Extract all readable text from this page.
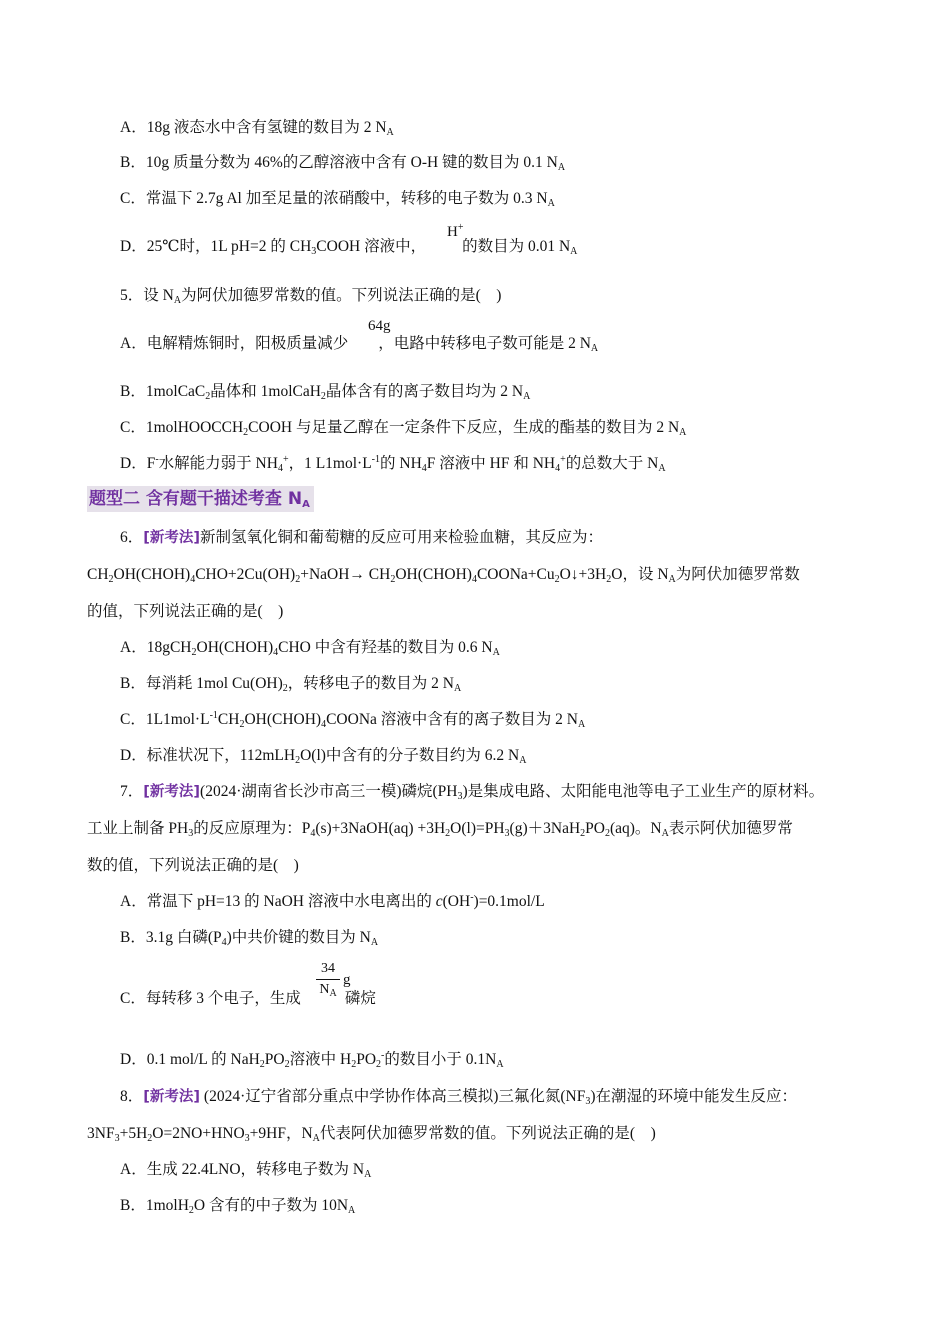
A．18g 液态水中含有氢键的数目为 2 $N_A$
B．10g 质量分数为 46%的乙醇溶液中含有 O-H 键的数目为 0.1 $N_A$
C．常温下 2.7g Al 加至足量的浓硝酸中，转移的电子数为 0.3 $N_A$
D．25℃时，1L pH=2 的 $CH_3COOH$ 溶液中， 的数目为 0.01 $N_A$
H+
5．设 $N_A$为阿伏加德罗常数的值。下列说法正确的是(　)
A．电解精炼铜时，阳极质量减少 ，电路中转移电子数可能是 2 $N_A$
64g
B．1molCaC$_2$晶体和 1molCaH$_2$晶体含有的离子数目均为 2 $N_A$
C．1molHOOCCH$_2$COOH 与足量乙醇在一定条件下反应，生成的酯基的数目为 2 $N_A$
D．F-水解能力弱于 $NH_4^+$，1 $L1mol\cdot L^{-1}$的 $NH_4F$ 溶液中 HF 和 $NH_4^+$的总数大于 $N_A$
题型二 含有题干描述考查 $N_A$
6．[新考法]新制氢氧化铜和葡萄糖的反应可用来检验血糖，其反应为：
$CH_2OH(CHOH)_4CHO+2Cu(OH)_2+NaOH\to$ $CH_2OH(CHOH)_4COONa+Cu_2O↓+3H_2O$，设 $N_A$为阿伏加德罗常数
的值，下列说法正确的是(　)
A．$18gCH_2OH(CHOH)_4CHO$ 中含有羟基的数目为 0.6 $N_A$
B．每消耗 1mol $Cu(OH)_2$，转移电子的数目为 2 $N_A$
C．$1L1mol\cdot L^{-1}CH_2OH(CHOH)_4COONa$ 溶液中含有的离子数目为 2 $N_A$
D．标准状况下，112mLH$_2$O(l)中含有的分子数目约为 6.2 $N_A$
7．[新考法](2024·湖南省长沙市高三一模)磷烷$(PH_3)$是集成电路、太阳能电池等电子工业生产的原材料。
工业上制备 $PH_3$的反应原理为：$P_4(s)+3NaOH(aq) +3H_2O(l)=PH_3(g)+3NaH_2PO_2(aq)$。$N_A$表示阿伏加德罗常
数的值，下列说法正确的是(　)
A．常温下 pH=13 的 NaOH 溶液中水电离出的 c(OH-)=0.1mol/L
B．3.1g 白磷$(P_4)$中共价键的数目为 $N_A$
C．每转移 3 个电子，生成	磷烷
34
$N_A$
g
D．0.1 mol/L 的 $NaH_2PO_2$溶液中 $H_2PO_2^-$的数目小于 $0.1N_A$
8．[新考法] (2024·辽宁省部分重点中学协作体高三模拟)三氟化氮$(NF_3)$在潮湿的环境中能发生反应：
$3NF_3+5H_2O=2NO+HNO_3+9HF$，$N_A$代表阿伏加德罗常数的值。下列说法正确的是(　)
A．生成 22.4LNO，转移电子数为 $N_A$
B．1molH$_2$O 含有的中子数为 $10N_A$
